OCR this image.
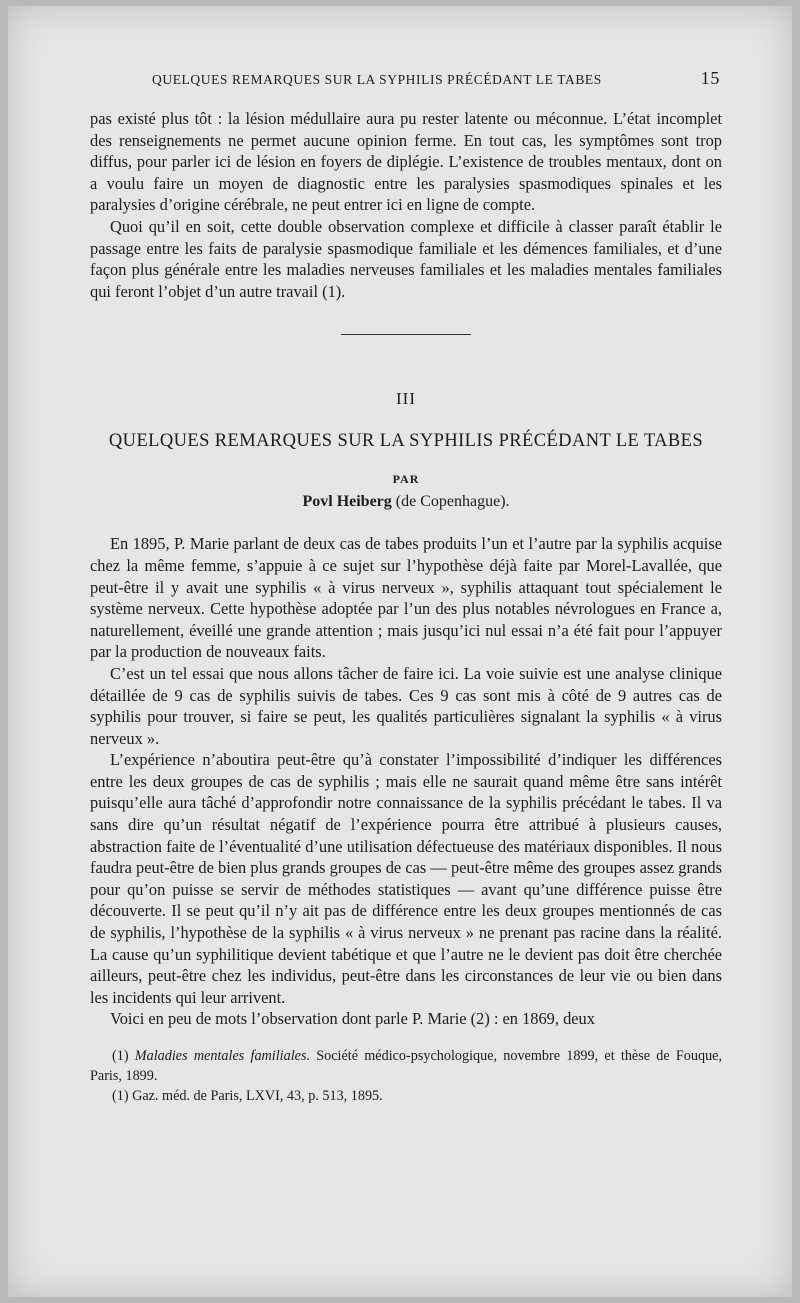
QUELQUES REMARQUES SUR LA SYPHILIS PRÉCÉDANT LE TABES	15

pas existé plus tôt : la lésion médullaire aura pu rester latente ou méconnue. L’état incomplet des renseignements ne permet aucune opinion ferme. En tout cas, les symptômes sont trop diffus, pour parler ici de lésion en foyers de diplégie. L’existence de troubles mentaux, dont on a voulu faire un moyen de diagnostic entre les paralysies spasmodiques spinales et les paralysies d’origine cérébrale, ne peut entrer ici en ligne de compte.

Quoi qu’il en soit, cette double observation complexe et difficile à classer paraît établir le passage entre les faits de paralysie spasmodique familiale et les démences familiales, et d’une façon plus générale entre les maladies nerveuses familiales et les maladies mentales familiales qui feront l’objet d’un autre travail (1).

III
QUELQUES REMARQUES SUR LA SYPHILIS PRÉCÉDANT LE TABES
PAR
Povl Heiberg (de Copenhague).

En 1895, P. Marie parlant de deux cas de tabes produits l’un et l’autre par la syphilis acquise chez la même femme, s’appuie à ce sujet sur l’hypothèse déjà faite par Morel-Lavallée, que peut-être il y avait une syphilis « à virus nerveux », syphilis attaquant tout spécialement le système nerveux. Cette hypothèse adoptée par l’un des plus notables névrologues en France a, naturellement, éveillé une grande attention ; mais jusqu’ici nul essai n’a été fait pour l’appuyer par la production de nouveaux faits.

C’est un tel essai que nous allons tâcher de faire ici. La voie suivie est une analyse clinique détaillée de 9 cas de syphilis suivis de tabes. Ces 9 cas sont mis à côté de 9 autres cas de syphilis pour trouver, si faire se peut, les qualités particulières signalant la syphilis « à virus nerveux ».

L’expérience n’aboutira peut-être qu’à constater l’impossibilité d’indiquer les différences entre les deux groupes de cas de syphilis ; mais elle ne saurait quand même être sans intérêt puisqu’elle aura tâché d’approfondir notre connaissance de la syphilis précédant le tabes. Il va sans dire qu’un résultat négatif de l’expérience pourra être attribué à plusieurs causes, abstraction faite de l’éventualité d’une utilisation défectueuse des matériaux disponibles. Il nous faudra peut-être de bien plus grands groupes de cas — peut-être même des groupes assez grands pour qu’on puisse se servir de méthodes statistiques — avant qu’une différence puisse être découverte. Il se peut qu’il n’y ait pas de différence entre les deux groupes mentionnés de cas de syphilis, l’hypothèse de la syphilis « à virus nerveux » ne prenant pas racine dans la réalité. La cause qu’un syphilitique devient tabétique et que l’autre ne le devient pas doit être cherchée ailleurs, peut-être chez les individus, peut-être dans les circonstances de leur vie ou bien dans les incidents qui leur arrivent.

Voici en peu de mots l’observation dont parle P. Marie (2) : en 1869, deux

(1) Maladies mentales familiales. Société médico-psychologique, novembre 1899, et thèse de Fouque, Paris, 1899.

(1) Gaz. méd. de Paris, LXVI, 43, p. 513, 1895.
